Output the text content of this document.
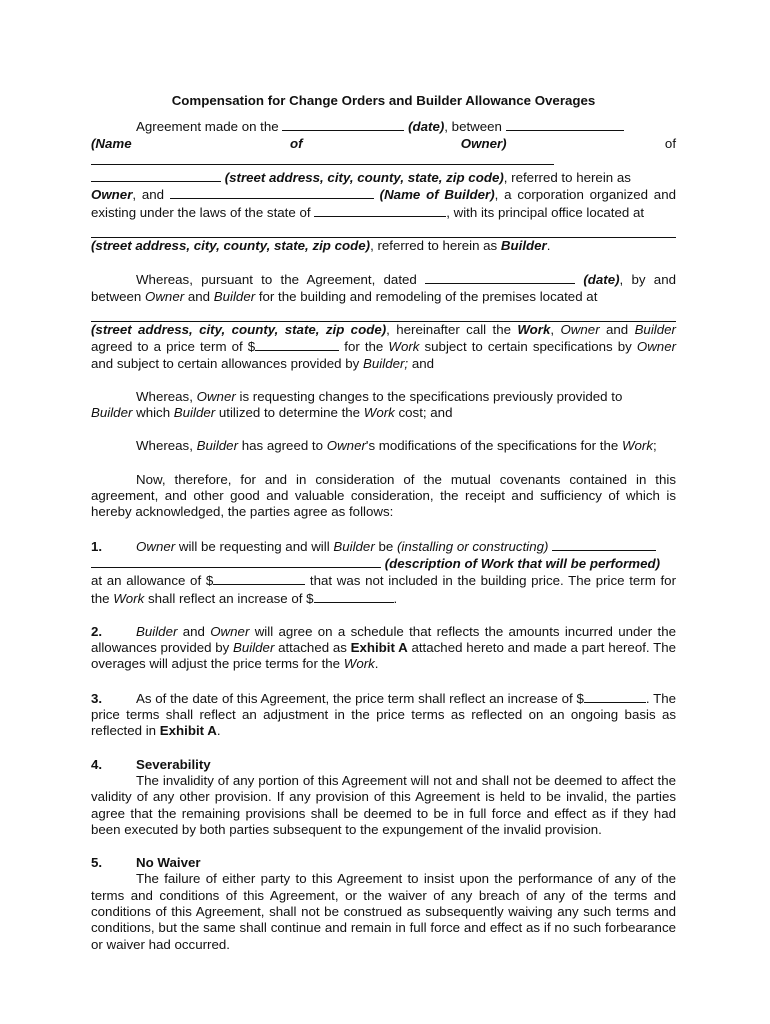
Compensation for Change Orders and Builder Allowance Overages

Agreement made on the	(date), between
(Name of Owner)	of
(street address, city, county, state, zip code), referred to herein as
Owner, and	(Name of Builder), a corporation organized and existing under the laws of the state of	, with its principal office located at
(street address, city, county, state, zip code), referred to herein as Builder.

Whereas, pursuant to the Agreement, dated	(date), by and between Owner and Builder for the building and remodeling of the premises located at
(street address, city, county, state, zip code), hereinafter call the Work, Owner and Builder agreed to a price term of $	for the Work subject to certain specifications by Owner and subject to certain allowances provided by Builder; and

Whereas, Owner is requesting changes to the specifications previously provided to
Builder which Builder utilized to determine the Work cost; and

Whereas, Builder has agreed to Owner's modifications of the specifications for the Work;

Now, therefore, for and in consideration of the mutual covenants contained in this agreement, and other good and valuable consideration, the receipt and sufficiency of which is hereby acknowledged, the parties agree as follows:

1.	Owner will be requesting and will Builder be (installing or constructing)
(description of Work that will be performed)
at an allowance of $	that was not included in the building price. The price term for the Work shall reflect an increase of $	.

2.	Builder and Owner will agree on a schedule that reflects the amounts incurred under the allowances provided by Builder attached as Exhibit A attached hereto and made a part hereof. The overages will adjust the price terms for the Work.

3.	As of the date of this Agreement, the price term shall reflect an increase of $	. The price terms shall reflect an adjustment in the price terms as reflected on an ongoing basis as reflected in Exhibit A.

4.	Severability
The invalidity of any portion of this Agreement will not and shall not be deemed to affect the validity of any other provision. If any provision of this Agreement is held to be invalid, the parties agree that the remaining provisions shall be deemed to be in full force and effect as if they had been executed by both parties subsequent to the expungement of the invalid provision.

5.	No Waiver
The failure of either party to this Agreement to insist upon the performance of any of the terms and conditions of this Agreement, or the waiver of any breach of any of the terms and conditions of this Agreement, shall not be construed as subsequently waiving any such terms and conditions, but the same shall continue and remain in full force and effect as if no such forbearance or waiver had occurred.
